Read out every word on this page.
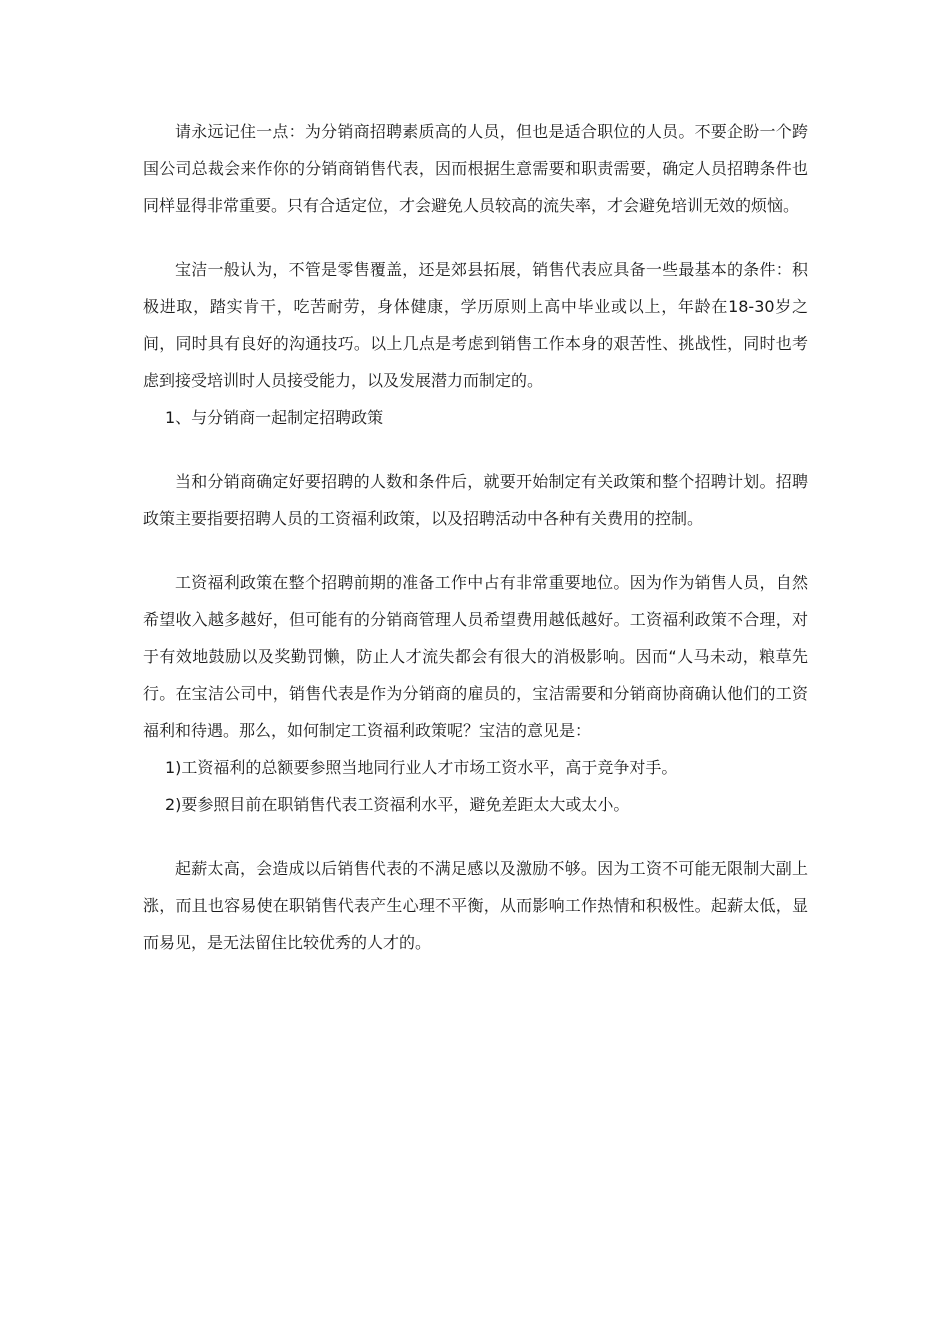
请永远记住一点：为分销商招聘素质高的人员，但也是适合职位的人员。不要企盼一个跨国公司总裁会来作你的分销商销售代表，因而根据生意需要和职责需要，确定人员招聘条件也同样显得非常重要。只有合适定位，才会避免人员较高的流失率，才会避免培训无效的烦恼。

宝洁一般认为，不管是零售覆盖，还是郊县拓展，销售代表应具备一些最基本的条件：积极进取，踏实肯干，吃苦耐劳，身体健康，学历原则上高中毕业或以上，年龄在18-30岁之间，同时具有良好的沟通技巧。以上几点是考虑到销售工作本身的艰苦性、挑战性，同时也考虑到接受培训时人员接受能力，以及发展潜力而制定的。

1、与分销商一起制定招聘政策

当和分销商确定好要招聘的人数和条件后，就要开始制定有关政策和整个招聘计划。招聘政策主要指要招聘人员的工资福利政策，以及招聘活动中各种有关费用的控制。

工资福利政策在整个招聘前期的准备工作中占有非常重要地位。因为作为销售人员，自然希望收入越多越好，但可能有的分销商管理人员希望费用越低越好。工资福利政策不合理，对于有效地鼓励以及奖勤罚懒，防止人才流失都会有很大的消极影响。因而“人马未动，粮草先行。在宝洁公司中，销售代表是作为分销商的雇员的，宝洁需要和分销商协商确认他们的工资福利和待遇。那么，如何制定工资福利政策呢？宝洁的意见是：

1)工资福利的总额要参照当地同行业人才市场工资水平，高于竞争对手。

2)要参照目前在职销售代表工资福利水平，避免差距太大或太小。

起薪太高，会造成以后销售代表的不满足感以及激励不够。因为工资不可能无限制大副上涨，而且也容易使在职销售代表产生心理不平衡，从而影响工作热情和积极性。起薪太低，显而易见，是无法留住比较优秀的人才的。
